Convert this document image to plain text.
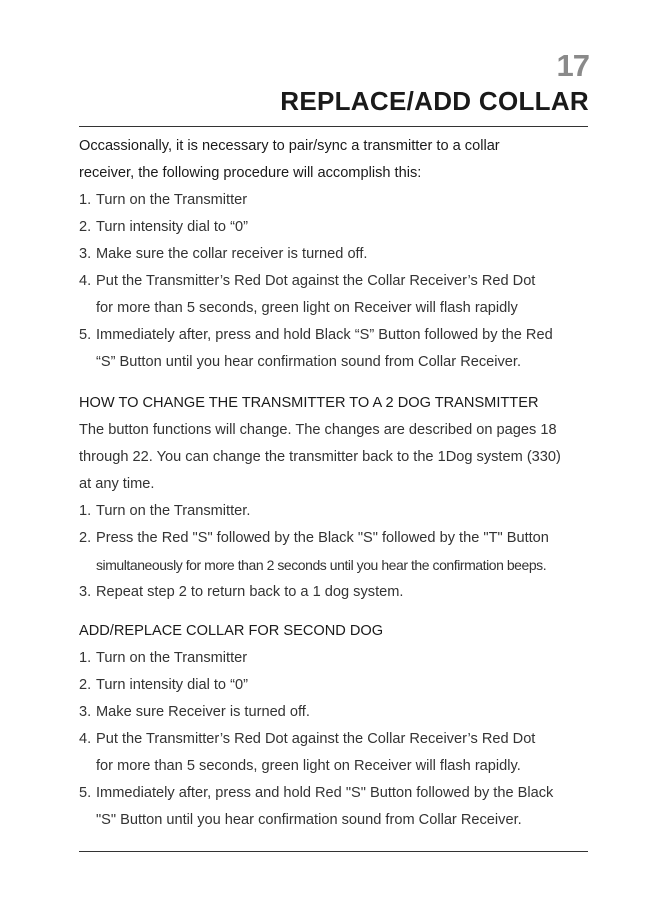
17
REPLACE/ADD COLLAR

Occassionally, it is necessary to pair/sync a transmitter to a collar
receiver, the following procedure will accomplish this:

1. Turn on the Transmitter
2. Turn intensity dial to “0”
3. Make sure the collar receiver is turned off.
4. Put the Transmitter’s Red Dot against the Collar Receiver’s Red Dot
for more than 5 seconds, green light on Receiver will flash rapidly
5. Immediately after, press and hold Black “S” Button followed by the Red
“S” Button until you hear confirmation sound from Collar Receiver.

HOW TO CHANGE THE TRANSMITTER TO A 2 DOG TRANSMITTER

The button functions will change. The changes are described on pages 18
through 22. You can change the transmitter back to the 1Dog system (330)
at any time.

1. Turn on the Transmitter.
2. Press the Red "S" followed by the Black "S" followed by the "T" Button
simultaneously for more than 2 seconds until you hear the confirmation beeps.
3. Repeat step 2 to return back to a 1 dog system.

ADD/REPLACE COLLAR FOR SECOND DOG

1. Turn on the Transmitter
2. Turn intensity dial to “0”
3. Make sure Receiver is turned off.
4. Put the Transmitter’s Red Dot against the Collar Receiver’s Red Dot
for more than 5 seconds, green light on Receiver will flash rapidly.
5. Immediately after, press and hold Red "S" Button followed by the Black
"S" Button until you hear confirmation sound from Collar Receiver.
